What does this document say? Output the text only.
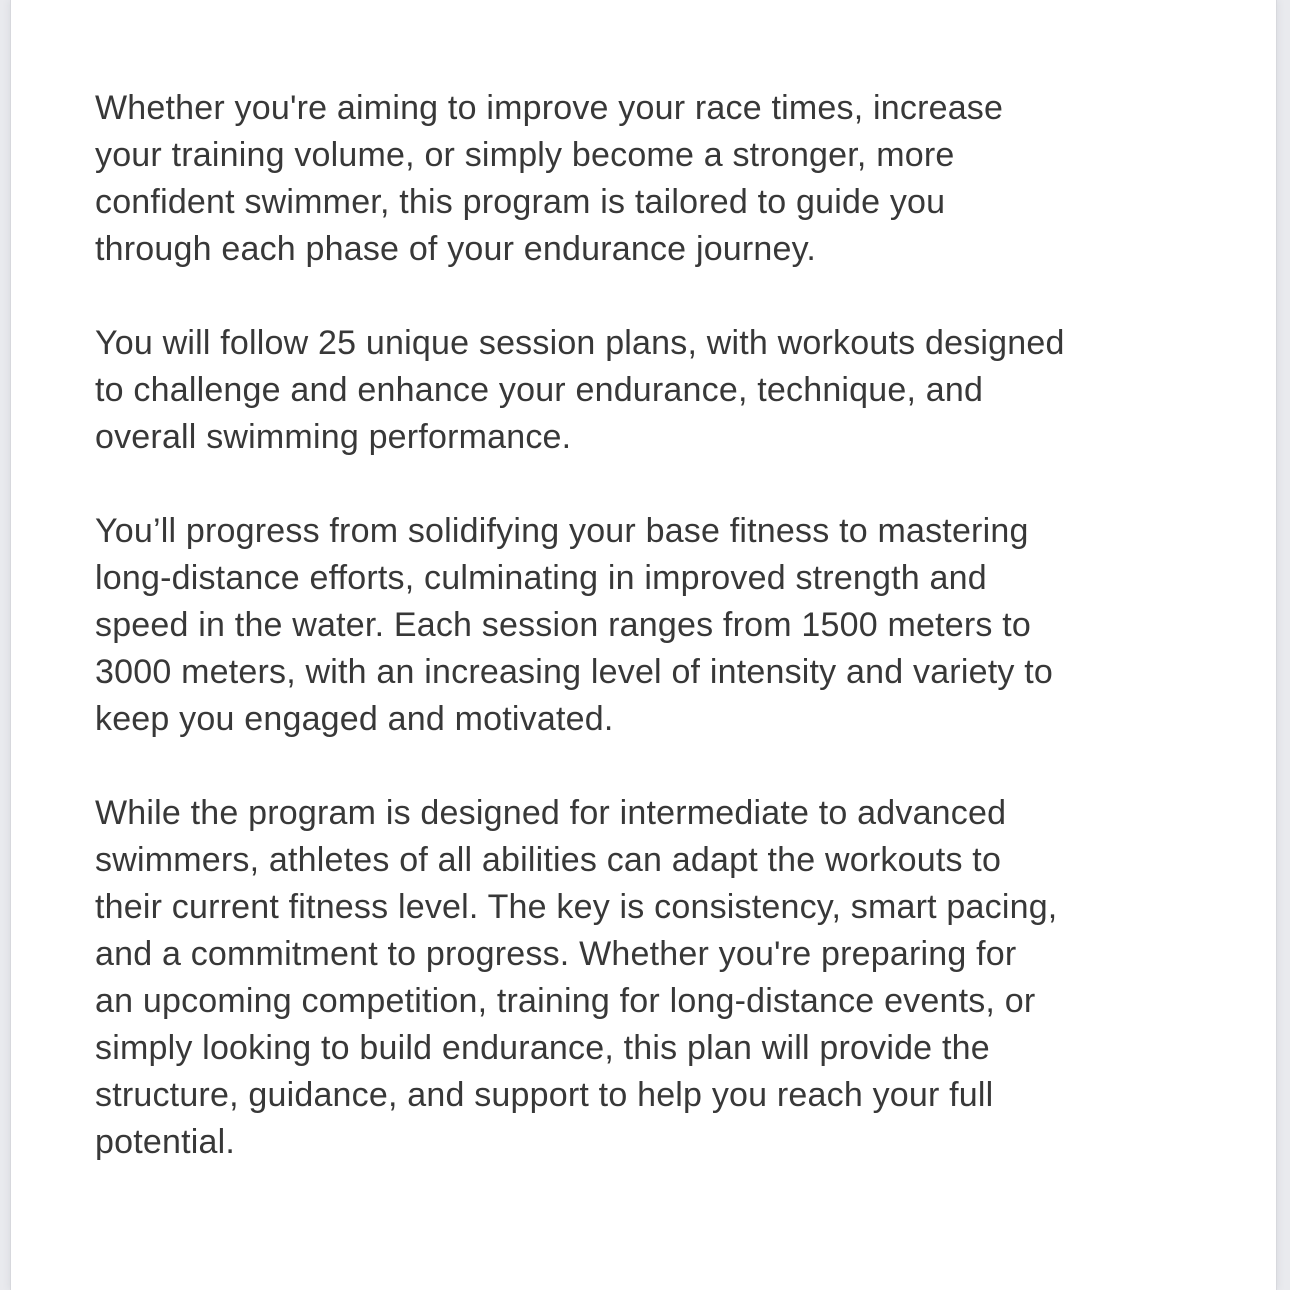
Whether you're aiming to improve your race times, increase
your training volume, or simply become a stronger, more
confident swimmer, this program is tailored to guide you
through each phase of your endurance journey.

You will follow 25 unique session plans, with workouts designed
to challenge and enhance your endurance, technique, and
overall swimming performance.

You’ll progress from solidifying your base fitness to mastering
long-distance efforts, culminating in improved strength and
speed in the water. Each session ranges from 1500 meters to
3000 meters, with an increasing level of intensity and variety to
keep you engaged and motivated.

While the program is designed for intermediate to advanced
swimmers, athletes of all abilities can adapt the workouts to
their current fitness level. The key is consistency, smart pacing,
and a commitment to progress. Whether you're preparing for
an upcoming competition, training for long-distance events, or
simply looking to build endurance, this plan will provide the
structure, guidance, and support to help you reach your full
potential.
